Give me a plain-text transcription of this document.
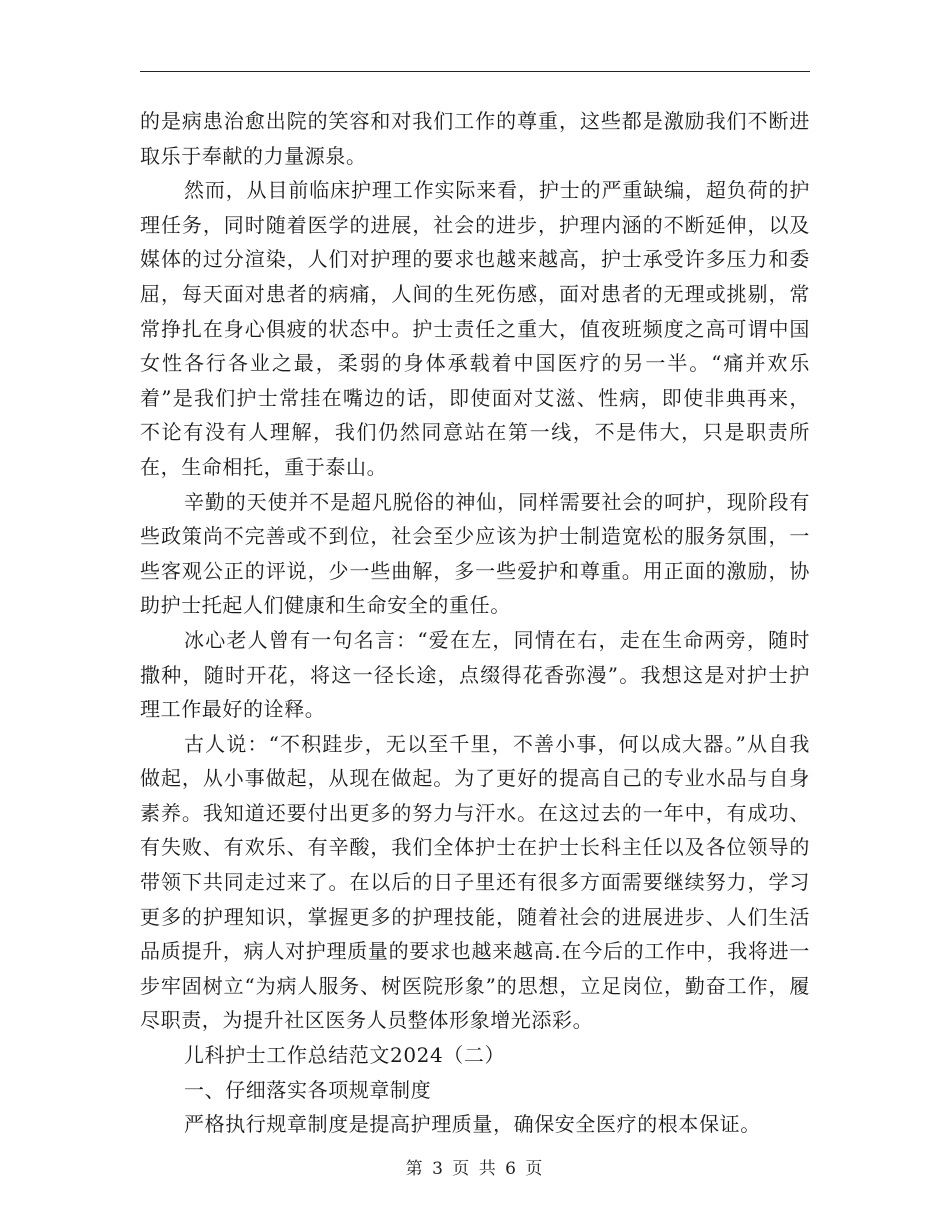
的是病患治愈出院的笑容和对我们工作的尊重，这些都是激励我们不断进取乐于奉献的力量源泉。

然而，从目前临床护理工作实际来看，护士的严重缺编，超负荷的护理任务，同时随着医学的进展，社会的进步，护理内涵的不断延伸，以及媒体的过分渲染，人们对护理的要求也越来越高，护士承受许多压力和委屈，每天面对患者的病痛，人间的生死伤感，面对患者的无理或挑剔，常常挣扎在身心俱疲的状态中。护士责任之重大，值夜班频度之高可谓中国女性各行各业之最，柔弱的身体承载着中国医疗的另一半。“痛并欢乐着”是我们护士常挂在嘴边的话，即使面对艾滋、性病，即使非典再来，不论有没有人理解，我们仍然同意站在第一线，不是伟大，只是职责所在，生命相托，重于泰山。

辛勤的天使并不是超凡脱俗的神仙，同样需要社会的呵护，现阶段有些政策尚不完善或不到位，社会至少应该为护士制造宽松的服务氛围，一些客观公正的评说，少一些曲解，多一些爱护和尊重。用正面的激励，协助护士托起人们健康和生命安全的重任。

冰心老人曾有一句名言：“爱在左，同情在右，走在生命两旁，随时撒种，随时开花，将这一径长途，点缀得花香弥漫”。我想这是对护士护理工作最好的诠释。

古人说：“不积跬步，无以至千里，不善小事，何以成大器。”从自我做起，从小事做起，从现在做起。为了更好的提高自己的专业水品与自身素养。我知道还要付出更多的努力与汗水。在这过去的一年中，有成功、有失败、有欢乐、有辛酸，我们全体护士在护士长科主任以及各位领导的带领下共同走过来了。在以后的日子里还有很多方面需要继续努力，学习更多的护理知识，掌握更多的护理技能，随着社会的进展进步、人们生活品质提升，病人对护理质量的要求也越来越高.在今后的工作中，我将进一步牢固树立“为病人服务、树医院形象”的思想，立足岗位，勤奋工作，履尽职责，为提升社区医务人员整体形象增光添彩。

儿科护士工作总结范文2024（二）

一、仔细落实各项规章制度

严格执行规章制度是提高护理质量，确保安全医疗的根本保证。

第 3 页 共 6 页
